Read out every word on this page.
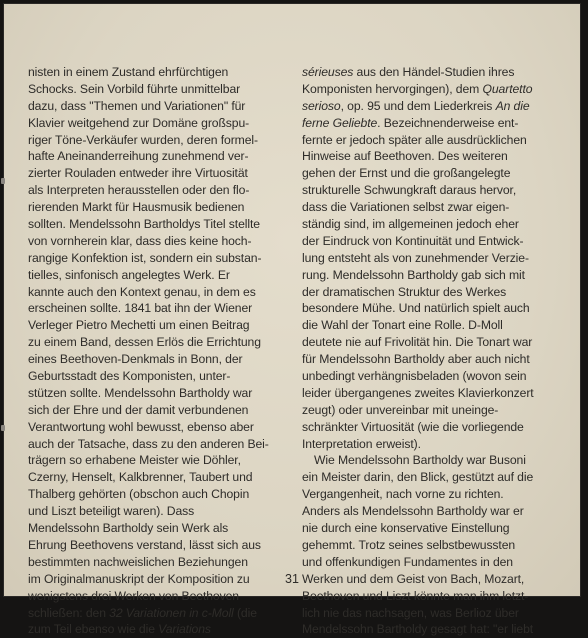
nisten in einem Zustand ehrfürchtigen
Schocks. Sein Vorbild führte unmittelbar
dazu, dass "Themen und Variationen" für
Klavier weitgehend zur Domäne großspu-
riger Töne-Verkäufer wurden, deren formel-
hafte Aneinanderreihung zunehmend ver-
zierter Rouladen entweder ihre Virtuosität
als Interpreten herausstellen oder den flo-
rierenden Markt für Hausmusik bedienen
sollten. Mendelssohn Bartholdys Titel stellte
von vornherein klar, dass dies keine hoch-
rangige Konfektion ist, sondern ein substan-
tielles, sinfonisch angelegtes Werk. Er
kannte auch den Kontext genau, in dem es
erscheinen sollte. 1841 bat ihn der Wiener
Verleger Pietro Mechetti um einen Beitrag
zu einem Band, dessen Erlös die Errichtung
eines Beethoven-Denkmals in Bonn, der
Geburtsstadt des Komponisten, unter-
stützen sollte. Mendelssohn Bartholdy war
sich der Ehre und der damit verbundenen
Verantwortung wohl bewusst, ebenso aber
auch der Tatsache, dass zu den anderen Bei-
trägern so erhabene Meister wie Döhler,
Czerny, Henselt, Kalkbrenner, Taubert und
Thalberg gehörten (obschon auch Chopin
und Liszt beteiligt waren). Dass
Mendelssohn Bartholdy sein Werk als
Ehrung Beethovens verstand, lässt sich aus
bestimmten nachweislichen Beziehungen
im Originalmanuskript der Komposition zu
wenigstens drei Werken von Beethoven
schließen: den 32 Variationen in c-Moll (die
zum Teil ebenso wie die Variations
sérieuses aus den Händel-Studien ihres
Komponisten hervorgingen), dem Quartetto
serioso, op. 95 und dem Liederkreis An die
ferne Geliebte. Bezeichnenderweise ent-
fernte er jedoch später alle ausdrücklichen
Hinweise auf Beethoven. Des weiteren
gehen der Ernst und die großangelegte
strukturelle Schwungkraft daraus hervor,
dass die Variationen selbst zwar eigen-
ständig sind, im allgemeinen jedoch eher
der Eindruck von Kontinuität und Entwick-
lung entsteht als von zunehmender Verzie-
rung. Mendelssohn Bartholdy gab sich mit
der dramatischen Struktur des Werkes
besondere Mühe. Und natürlich spielt auch
die Wahl der Tonart eine Rolle. D-Moll
deutete nie auf Frivolität hin. Die Tonart war
für Mendelssohn Bartholdy aber auch nicht
unbedingt verhängnisbeladen (wovon sein
leider übergangenes zweites Klavierkonzert
zeugt) oder unvereinbar mit uneinge-
schränkter Virtuosität (wie die vorliegende
Interpretation erweist).
Wie Mendelssohn Bartholdy war Busoni
ein Meister darin, den Blick, gestützt auf die
Vergangenheit, nach vorne zu richten.
Anders als Mendelssohn Bartholdy war er
nie durch eine konservative Einstellung
gehemmt. Trotz seines selbstbewussten
und offenkundigen Fundamentes in den
Werken und dem Geist von Bach, Mozart,
Beethoven und Liszt könnte man ihm letzt-
lich nie das nachsagen, was Berlioz über
Mendelssohn Bartholdy gesagt hat: "er liebt
31
